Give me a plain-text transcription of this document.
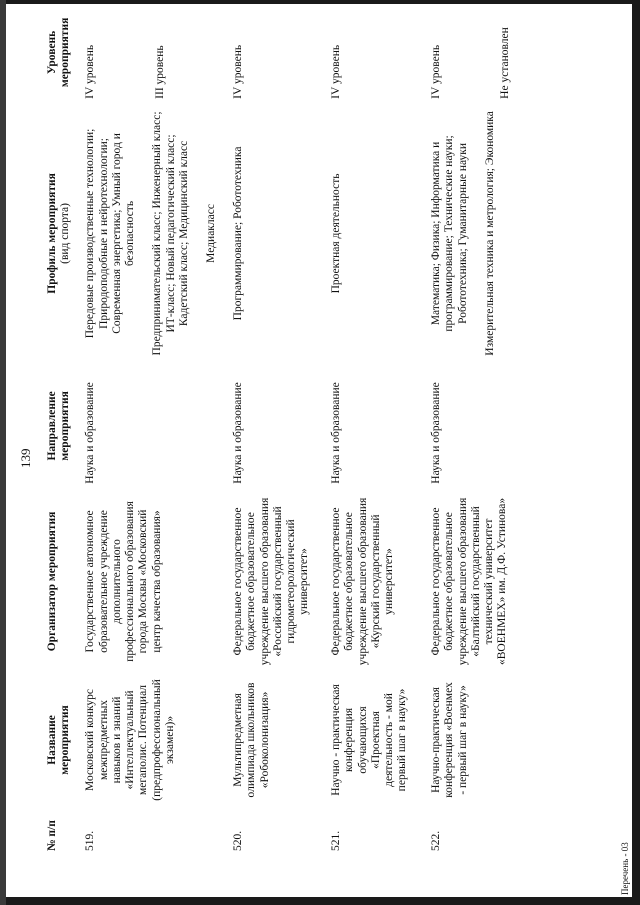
139
№ п/п	Название мероприятия	Организатор мероприятия	Направление мероприятия	Профиль мероприятия (вид спорта)	Уровень мероприятия
519.	Московский конкурс межпредметных навыков и знаний «Интеллектуальный мегаполис. Потенциал (предпрофессиональный экзамен)»	Государственное автономное образовательное учреждение дополнительного профессионального образования города Москвы «Московский центр качества образования»	Наука и образование	Передовые производственные технологии; Природоподобные и нейротехнологии; Современная энергетика; Умный город и безопасность Предпринимательский класс; Инженерный класс; ИТ-класс; Новый педагогический класс; Кадетский класс; Медицинский класс Медиакласс	IV уровень III уровень

520.	Мультипредметная олимпиада школьников «Робоколонизация»	Федеральное государственное бюджетное образовательное учреждение высшего образования «Российский государственный гидрометеорологический университет»	Наука и образование	Программирование; Робототехника	IV уровень

521.	Научно - практическая конференция обучающихся «Проектная деятельность - мой первый шаг в науку»	Федеральное государственное бюджетное образовательное учреждение высшего образования «Курский государственный университет»	Наука и образование	Проектная деятельность	IV уровень

522.	Научно-практическая конференция «Военмех - первый шаг в науку»	Федеральное государственное бюджетное образовательное учреждение высшего образования «Балтийский государственный технический университет «ВОЕНМЕХ» им. Д.Ф. Устинова»	Наука и образование	Математика; Физика; Информатика и программирование; Технические науки; Робототехника; Гуманитарные науки Измерительная техника и метрология; Экономика	IV уровень Не установлен
Перечень - 03
